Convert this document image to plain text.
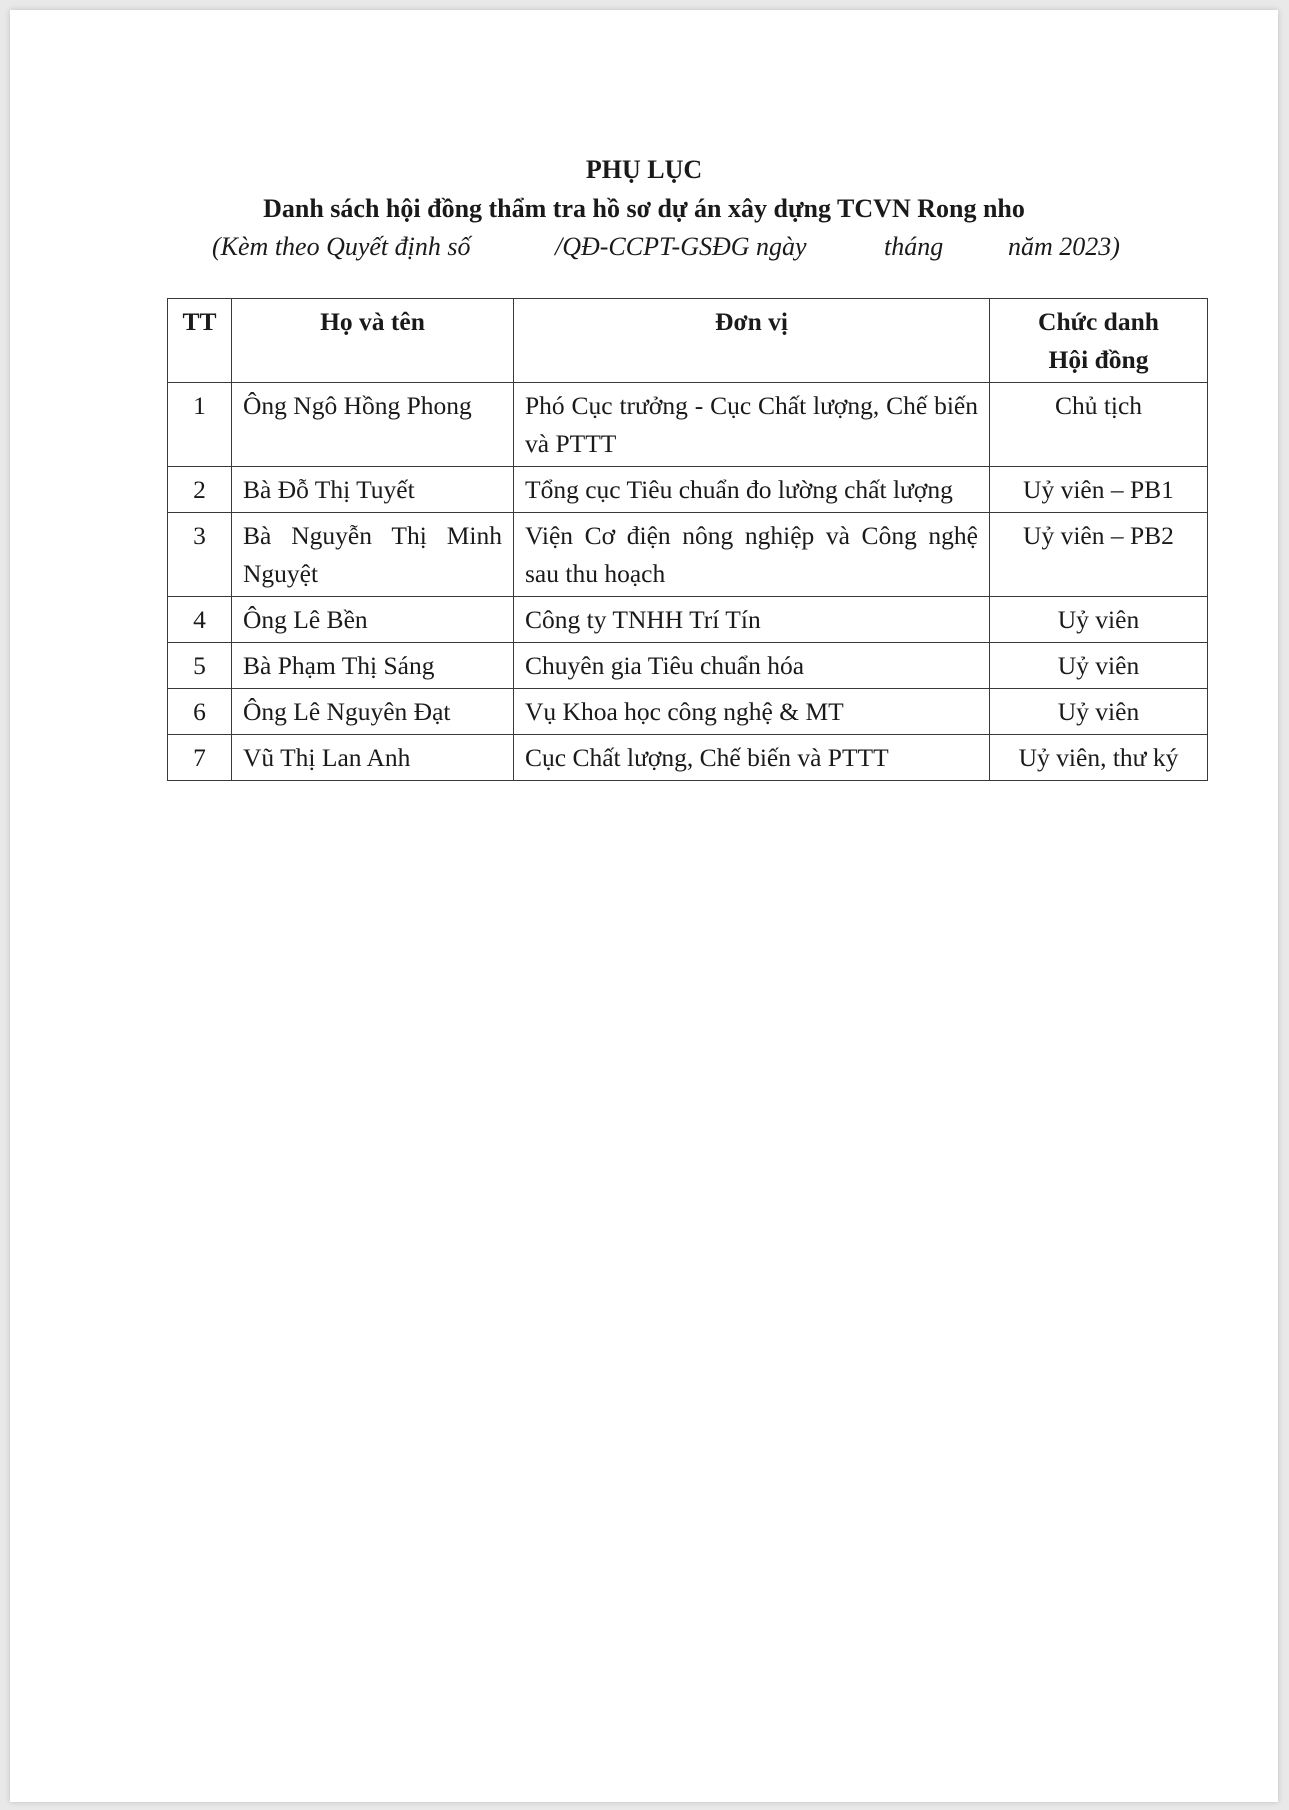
PHỤ LỤC
Danh sách hội đồng thẩm tra hồ sơ dự án xây dựng TCVN Rong nho
(Kèm theo Quyết định số	/QĐ-CCPT-GSĐG ngày	tháng năm 2023)
TT	Họ và tên	Đơn vị	Chức danh
Hội đồng
1	Ông Ngô Hồng Phong	Phó Cục trưởng - Cục Chất lượng, Chế biến và PTTT	Chủ tịch
2	Bà Đỗ Thị Tuyết	Tổng cục Tiêu chuẩn đo lường chất lượng	Uỷ viên – PB1
3	Bà Nguyễn Thị Minh Nguyệt	Viện Cơ điện nông nghiệp và Công nghệ sau thu hoạch	Uỷ viên – PB2
4	Ông Lê Bền	Công ty TNHH Trí Tín	Uỷ viên
5	Bà Phạm Thị Sáng	Chuyên gia Tiêu chuẩn hóa	Uỷ viên
6	Ông Lê Nguyên Đạt	Vụ Khoa học công nghệ & MT	Uỷ viên
7	Vũ Thị Lan Anh	Cục Chất lượng, Chế biến và PTTT	Uỷ viên, thư ký
